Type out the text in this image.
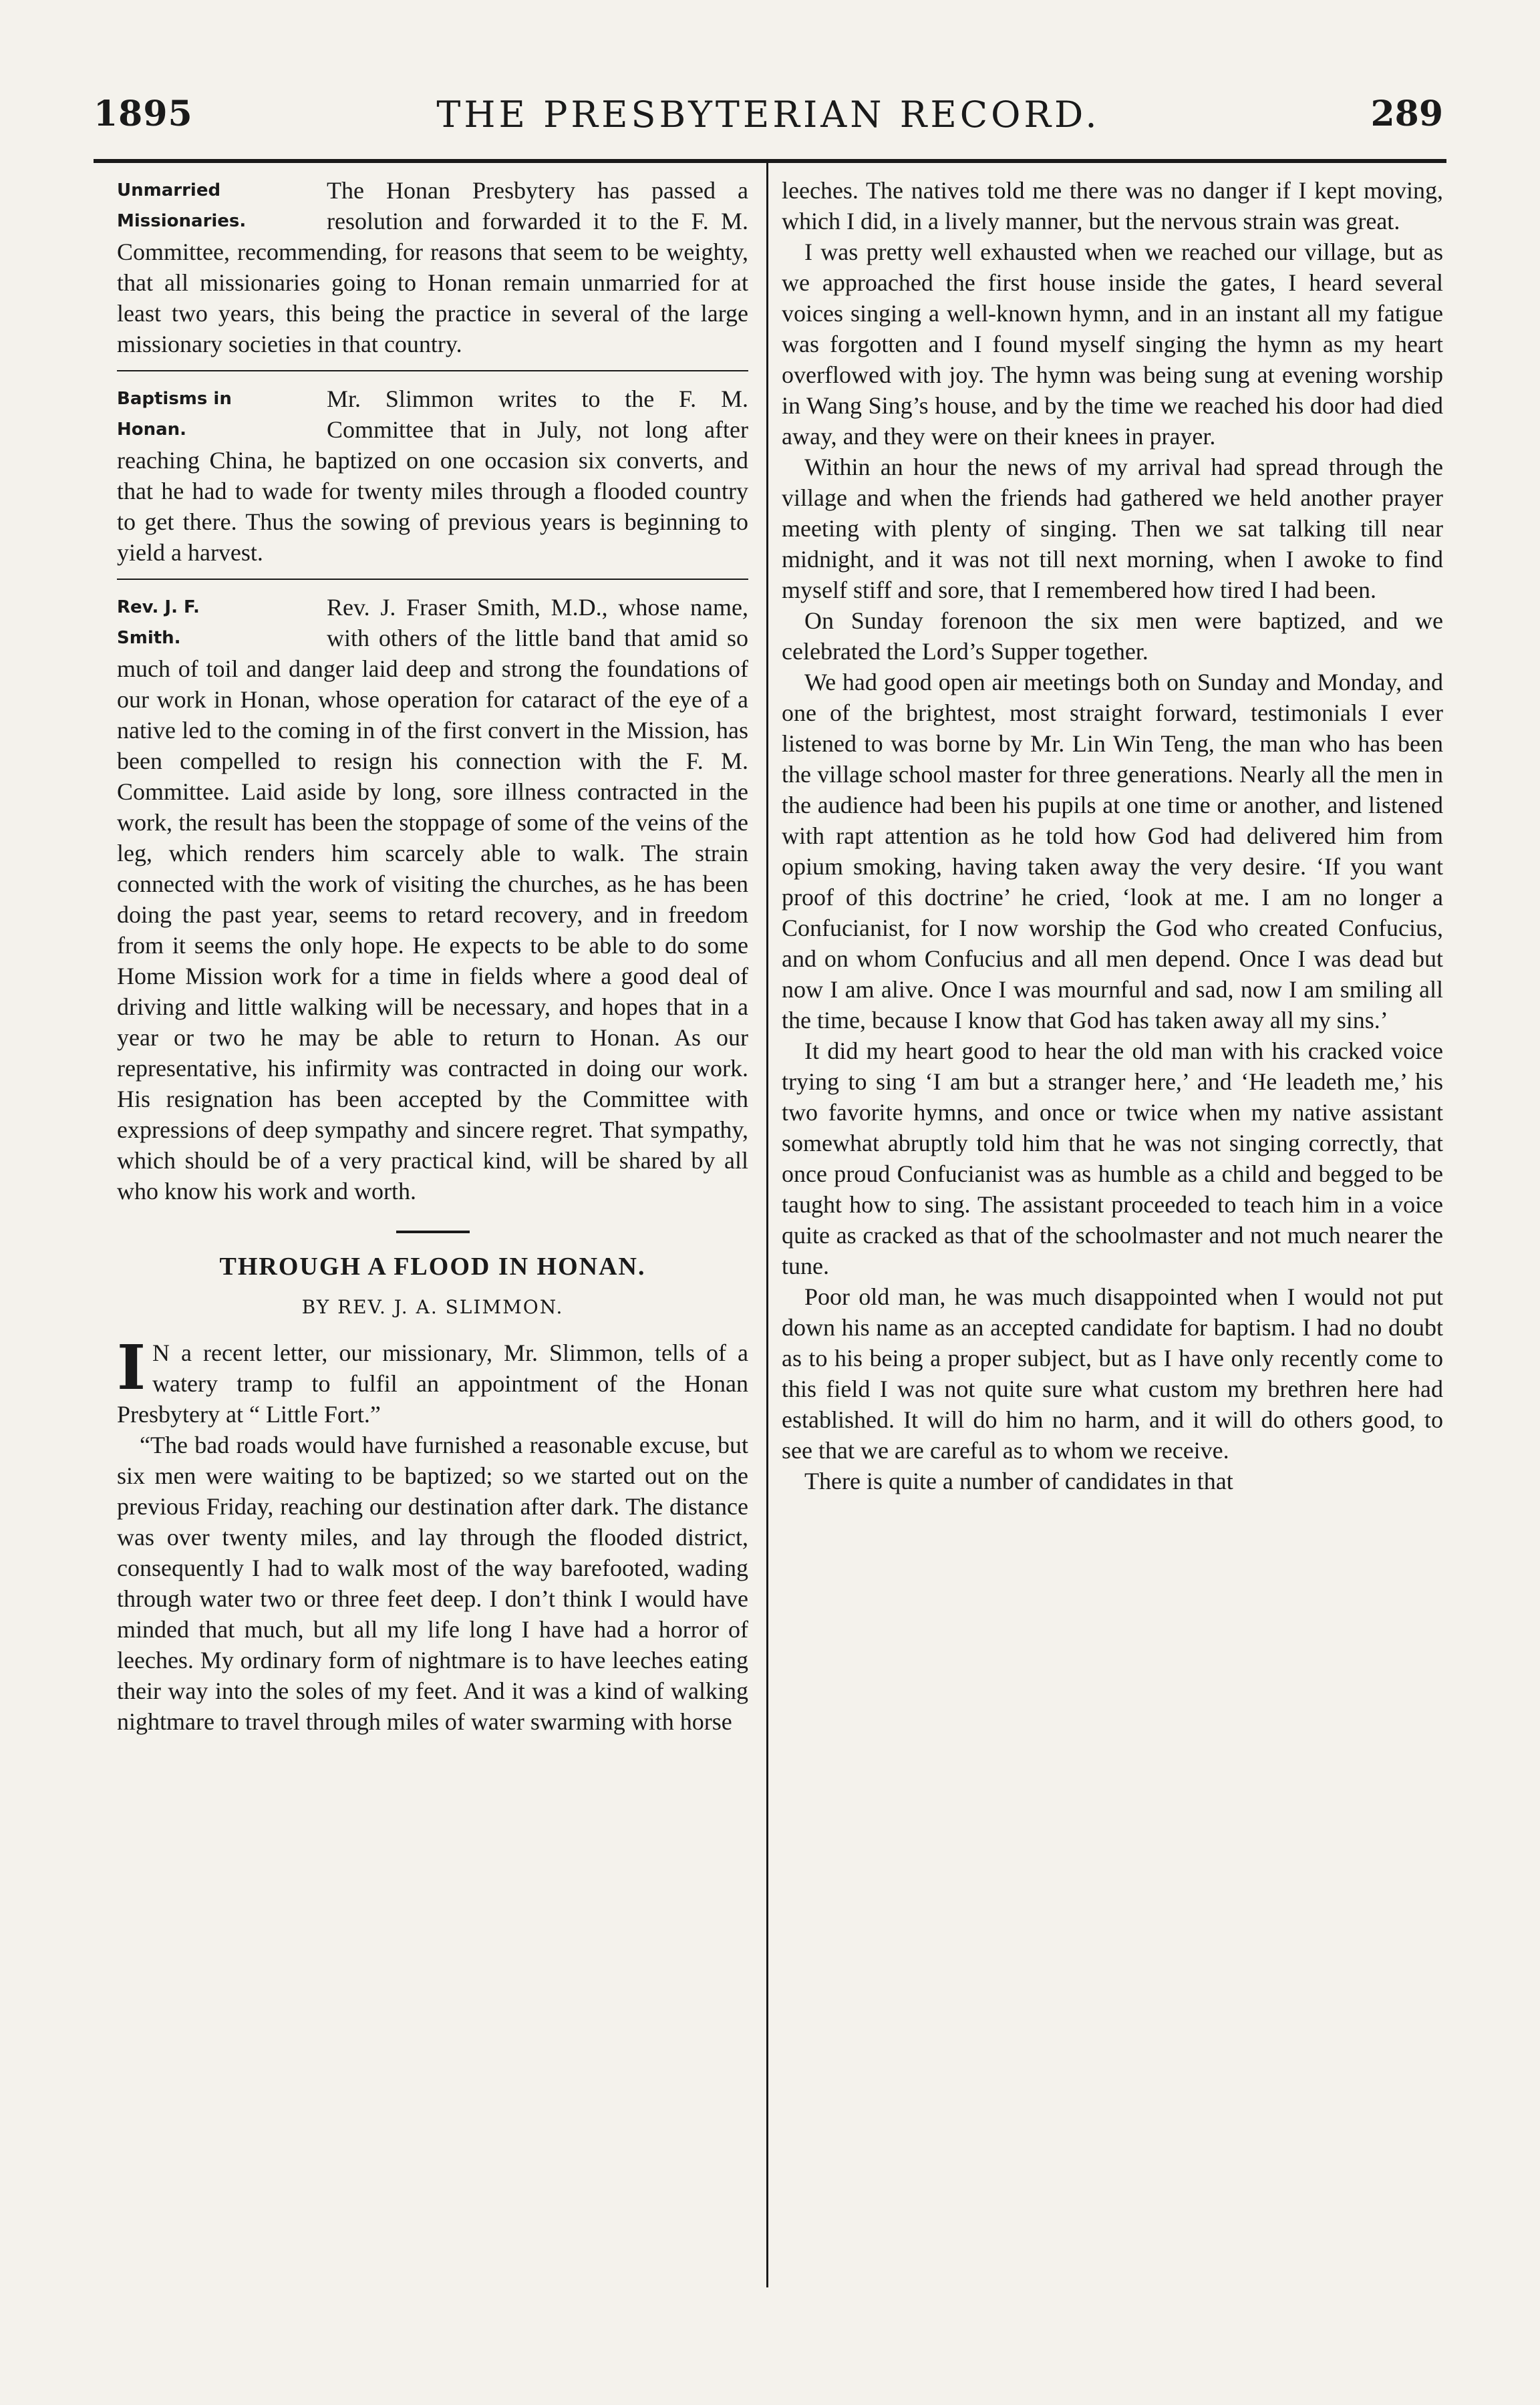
1895	THE PRESBYTERIAN RECORD.	289
Unmarried
Missionaries.

The Honan Presbytery has passed a resolution and forwarded it to the F. M. Committee, recommending, for reasons that seem to be weighty, that all missionaries going to Honan remain unmarried for at least two years, this being the practice in several of the large missionary societies in that country.

Baptisms in
Honan.

Mr. Slimmon writes to the F. M. Committee that in July, not long after reaching China, he baptized on one occasion six converts, and that he had to wade for twenty miles through a flooded country to get there. Thus the sowing of previous years is beginning to yield a harvest.

Rev. J. F.
Smith.

Rev. J. Fraser Smith, M.D., whose name, with others of the little band that amid so much of toil and danger laid deep and strong the foundations of our work in Honan, whose operation for cataract of the eye of a native led to the coming in of the first convert in the Mission, has been compelled to resign his connection with the F. M. Committee. Laid aside by long, sore illness contracted in the work, the result has been the stoppage of some of the veins of the leg, which renders him scarcely able to walk. The strain connected with the work of visiting the churches, as he has been doing the past year, seems to retard recovery, and in freedom from it seems the only hope. He expects to be able to do some Home Mission work for a time in fields where a good deal of driving and little walking will be necessary, and hopes that in a year or two he may be able to return to Honan. As our representative, his infirmity was contracted in doing our work. His resignation has been accepted by the Committee with expressions of deep sympathy and sincere regret. That sympathy, which should be of a very practical kind, will be shared by all who know his work and worth.

THROUGH A FLOOD IN HONAN.
BY REV. J. A. SLIMMON.
I N a recent letter, our missionary, Mr. Slimmon, tells of a watery tramp to fulfil an appointment of the Honan Presbytery at “ Little Fort.”

“The bad roads would have furnished a reasonable excuse, but six men were waiting to be baptized; so we started out on the previous Friday, reaching our destination after dark. The distance was over twenty miles, and lay through the flooded district, consequently I had to walk most of the way barefooted, wading through water two or three feet deep. I don’t think I would have minded that much, but all my life long I have had a horror of leeches. My ordinary form of nightmare is to have leeches eating their way into the soles of my feet. And it was a kind of walking nightmare to travel through miles of water swarming with horse

leeches. The natives told me there was no danger if I kept moving, which I did, in a lively manner, but the nervous strain was great.

I was pretty well exhausted when we reached our village, but as we approached the first house inside the gates, I heard several voices singing a well-known hymn, and in an instant all my fatigue was forgotten and I found myself singing the hymn as my heart overflowed with joy. The hymn was being sung at evening worship in Wang Sing’s house, and by the time we reached his door had died away, and they were on their knees in prayer.

Within an hour the news of my arrival had spread through the village and when the friends had gathered we held another prayer meeting with plenty of singing. Then we sat talking till near midnight, and it was not till next morning, when I awoke to find myself stiff and sore, that I remembered how tired I had been.

On Sunday forenoon the six men were baptized, and we celebrated the Lord’s Supper together.

We had good open air meetings both on Sunday and Monday, and one of the brightest, most straight forward, testimonials I ever listened to was borne by Mr. Lin Win Teng, the man who has been the village school master for three generations. Nearly all the men in the audience had been his pupils at one time or another, and listened with rapt attention as he told how God had delivered him from opium smoking, having taken away the very desire. ‘If you want proof of this doctrine’ he cried, ‘look at me. I am no longer a Confucianist, for I now worship the God who created Confucius, and on whom Confucius and all men depend. Once I was dead but now I am alive. Once I was mournful and sad, now I am smiling all the time, because I know that God has taken away all my sins.’

It did my heart good to hear the old man with his cracked voice trying to sing ‘I am but a stranger here,’ and ‘He leadeth me,’ his two favorite hymns, and once or twice when my native assistant somewhat abruptly told him that he was not singing correctly, that once proud Confucianist was as humble as a child and begged to be taught how to sing. The assistant proceeded to teach him in a voice quite as cracked as that of the schoolmaster and not much nearer the tune.

Poor old man, he was much disappointed when I would not put down his name as an accepted candidate for baptism. I had no doubt as to his being a proper subject, but as I have only recently come to this field I was not quite sure what custom my brethren here had established. It will do him no harm, and it will do others good, to see that we are careful as to whom we receive.

There is quite a number of candidates in that
